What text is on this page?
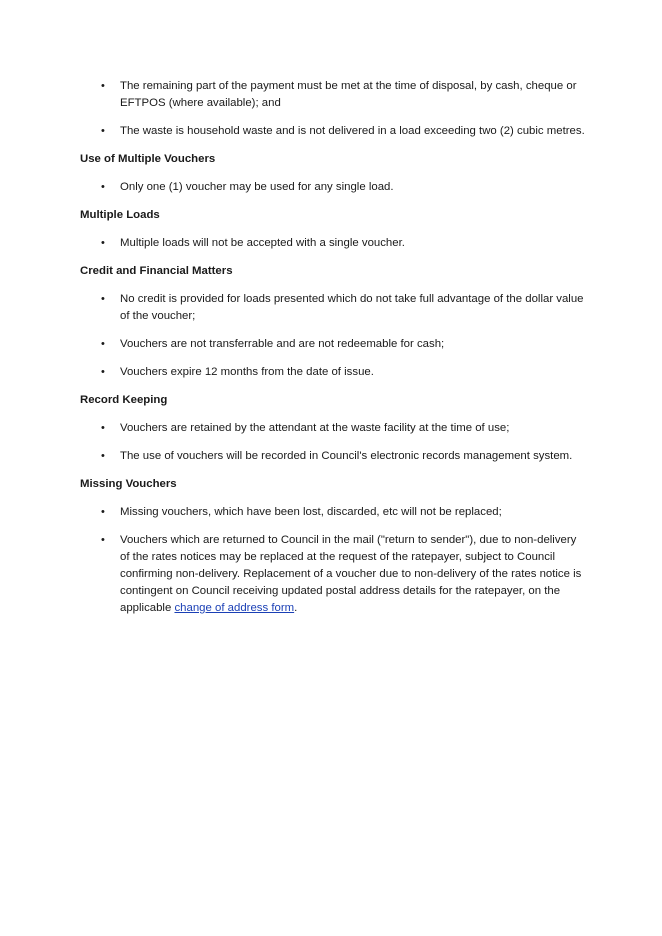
• The remaining part of the payment must be met at the time of disposal, by cash, cheque or EFTPOS (where available); and
• The waste is household waste and is not delivered in a load exceeding two (2) cubic metres.
Use of Multiple Vouchers
• Only one (1) voucher may be used for any single load.
Multiple Loads
• Multiple loads will not be accepted with a single voucher.
Credit and Financial Matters
• No credit is provided for loads presented which do not take full advantage of the dollar value of the voucher;
• Vouchers are not transferrable and are not redeemable for cash;
• Vouchers expire 12 months from the date of issue.
Record Keeping
• Vouchers are retained by the attendant at the waste facility at the time of use;
• The use of vouchers will be recorded in Council's electronic records management system.
Missing Vouchers
• Missing vouchers, which have been lost, discarded, etc will not be replaced;
• Vouchers which are returned to Council in the mail ("return to sender"), due to non-delivery of the rates notices may be replaced at the request of the ratepayer, subject to Council confirming non-delivery. Replacement of a voucher due to non-delivery of the rates notice is contingent on Council receiving updated postal address details for the ratepayer, on the applicable change of address form.
